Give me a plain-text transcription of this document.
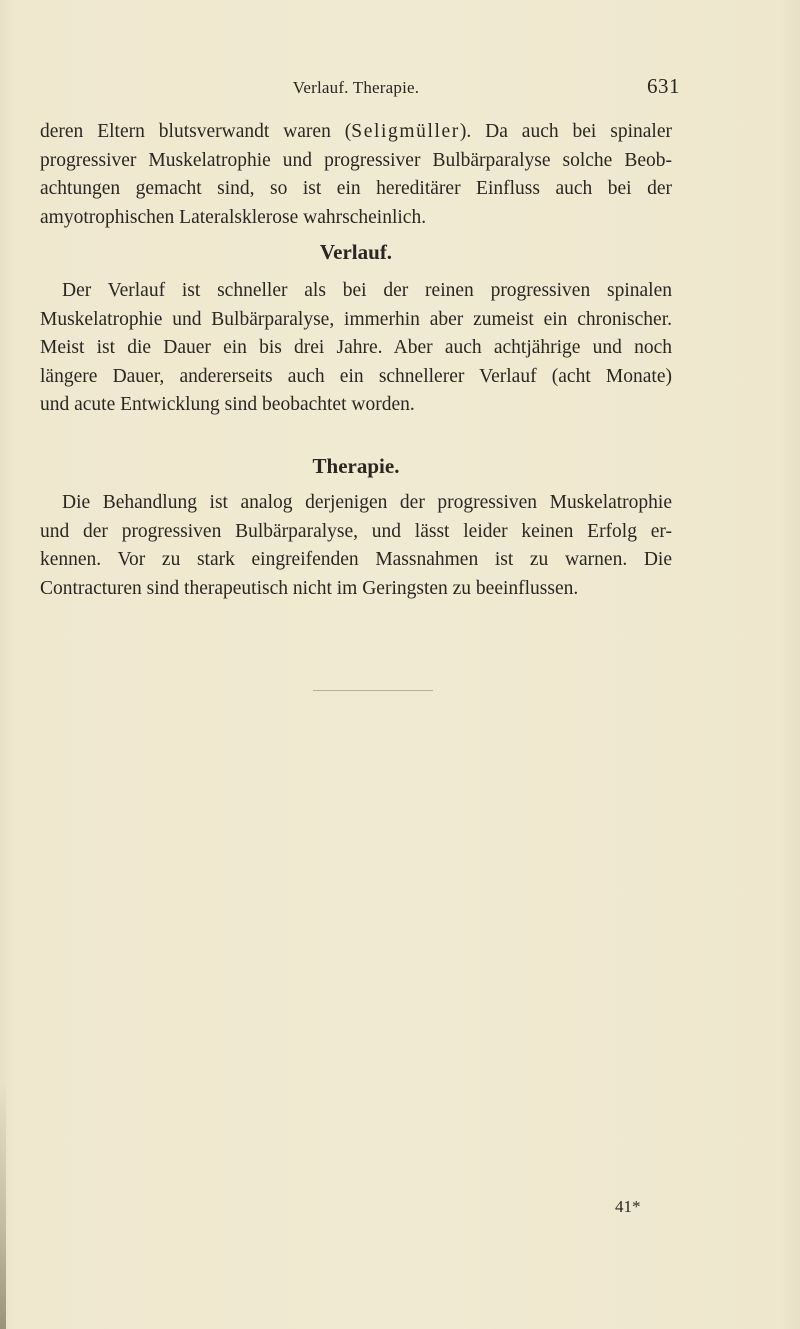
Verlauf. Therapie.	631
deren Eltern blutsverwandt waren (Seligmüller). Da auch bei spinaler
progressiver Muskelatrophie und progressiver Bulbärparalyse solche Beob-
achtungen gemacht sind, so ist ein hereditärer Einfluss auch bei der
amyotrophischen Lateralsklerose wahrscheinlich.
Verlauf.
Der Verlauf ist schneller als bei der reinen progressiven spinalen
Muskelatrophie und Bulbärparalyse, immerhin aber zumeist ein chronischer.
Meist ist die Dauer ein bis drei Jahre. Aber auch achtjährige und noch
längere Dauer, andererseits auch ein schnellerer Verlauf (acht Monate)
und acute Entwicklung sind beobachtet worden.
Therapie.
Die Behandlung ist analog derjenigen der progressiven Muskelatrophie
und der progressiven Bulbärparalyse, und lässt leider keinen Erfolg er-
kennen. Vor zu stark eingreifenden Massnahmen ist zu warnen. Die
Contracturen sind therapeutisch nicht im Geringsten zu beeinflussen.
41*
